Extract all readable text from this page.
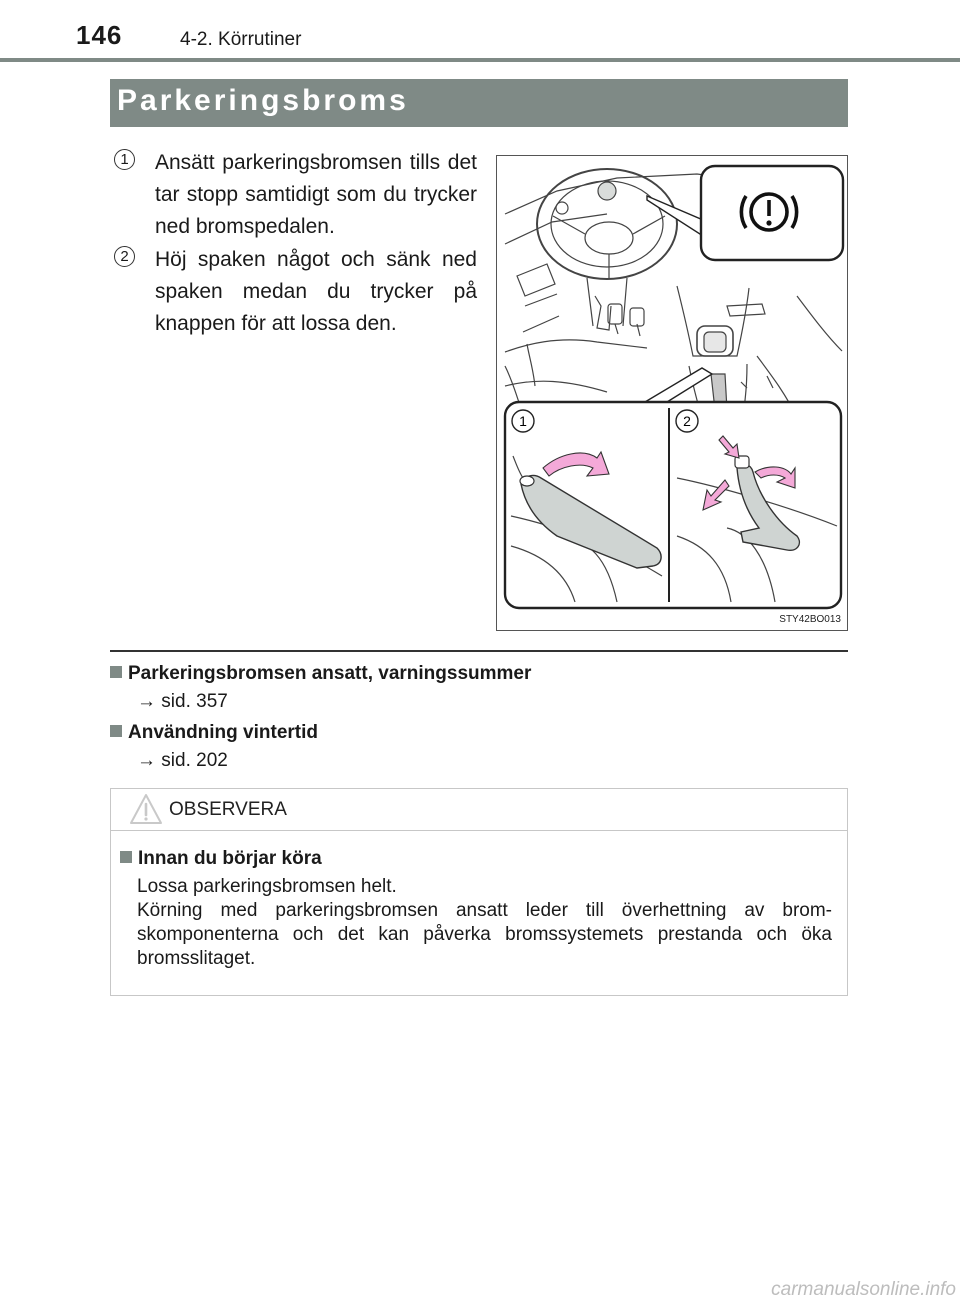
146	4-2. Körrutiner
Parkeringsbroms
1	Ansätt parkeringsbromsen tills det tar stopp samtidigt som du trycker ned bromspedalen.
2	Höj spaken något och sänk ned spaken medan du trycker på knappen för att lossa den.
1	2
STY42BO013
Parkeringsbromsen ansatt, varningssummer
→ sid. 357
Användning vintertid
→ sid. 202
OBSERVERA
Innan du börjar köra

Lossa parkeringsbromsen helt.

Körning med parkeringsbromsen ansatt leder till överhettning av bromskomponenterna och det kan påverka bromssystemets prestanda och öka bromsslitaget.

carmanualsonline.info
